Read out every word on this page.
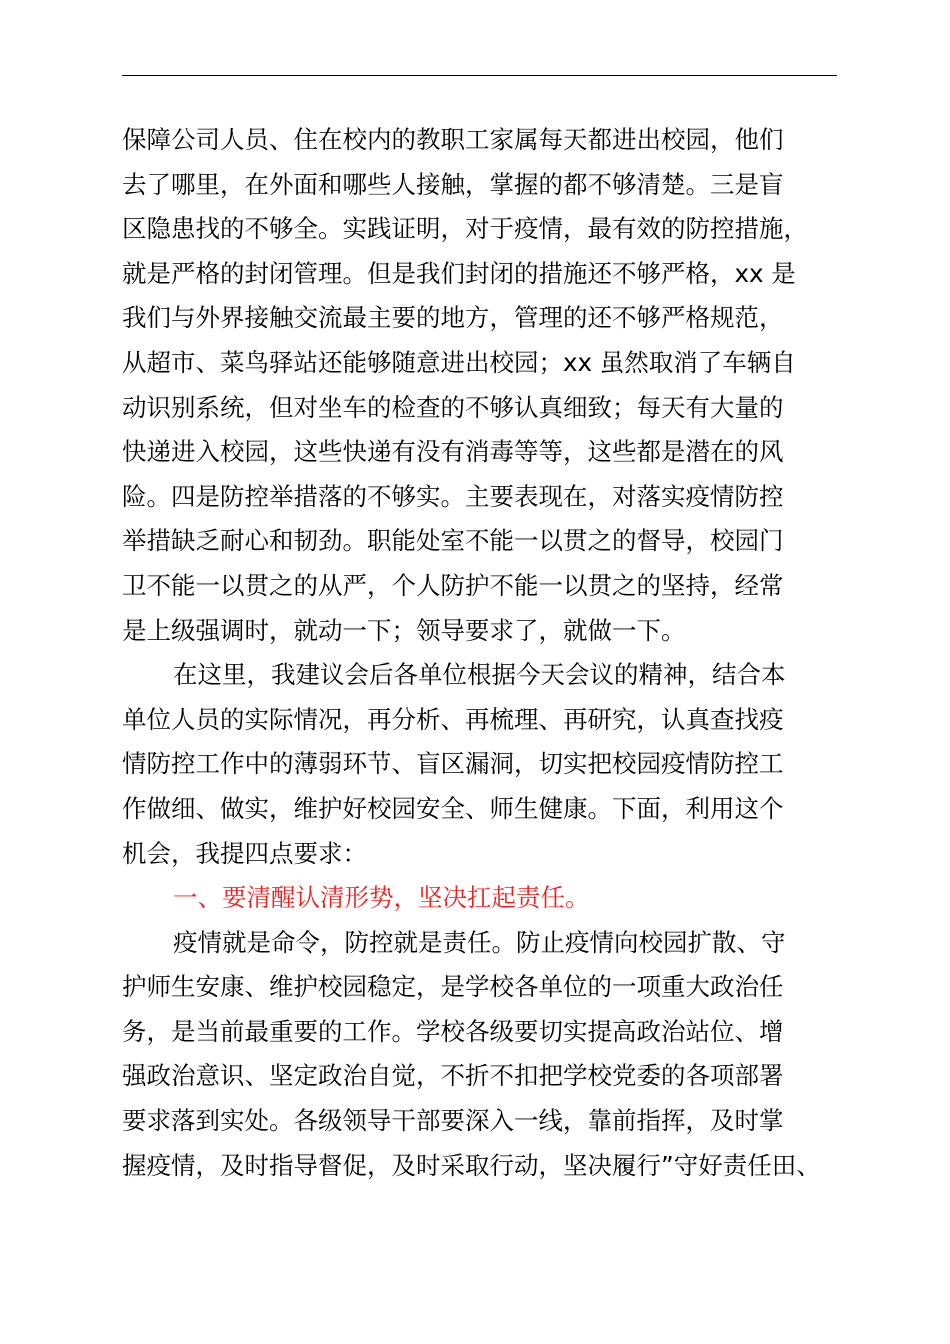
保障公司人员、住在校内的教职工家属每天都进出校园，他们
去了哪里，在外面和哪些人接触，掌握的都不够清楚。三是盲
区隐患找的不够全。实践证明，对于疫情，最有效的防控措施，
就是严格的封闭管理。但是我们封闭的措施还不够严格，xx 是
我们与外界接触交流最主要的地方，管理的还不够严格规范，
从超市、菜鸟驿站还能够随意进出校园；xx 虽然取消了车辆自
动识别系统，但对坐车的检查的不够认真细致；每天有大量的
快递进入校园，这些快递有没有消毒等等，这些都是潜在的风
险。四是防控举措落的不够实。主要表现在，对落实疫情防控
举措缺乏耐心和韧劲。职能处室不能一以贯之的督导，校园门
卫不能一以贯之的从严，个人防护不能一以贯之的坚持，经常
是上级强调时，就动一下；领导要求了，就做一下。
在这里，我建议会后各单位根据今天会议的精神，结合本
单位人员的实际情况，再分析、再梳理、再研究，认真查找疫
情防控工作中的薄弱环节、盲区漏洞，切实把校园疫情防控工
作做细、做实，维护好校园安全、师生健康。下面，利用这个
机会，我提四点要求：
一、要清醒认清形势，坚决扛起责任。
疫情就是命令，防控就是责任。防止疫情向校园扩散、守
护师生安康、维护校园稳定，是学校各单位的一项重大政治任
务，是当前最重要的工作。学校各级要切实提高政治站位、增
强政治意识、坚定政治自觉，不折不扣把学校党委的各项部署
要求落到实处。各级领导干部要深入一线，靠前指挥，及时掌
握疫情，及时指导督促，及时采取行动，坚决履行”守好责任田、
